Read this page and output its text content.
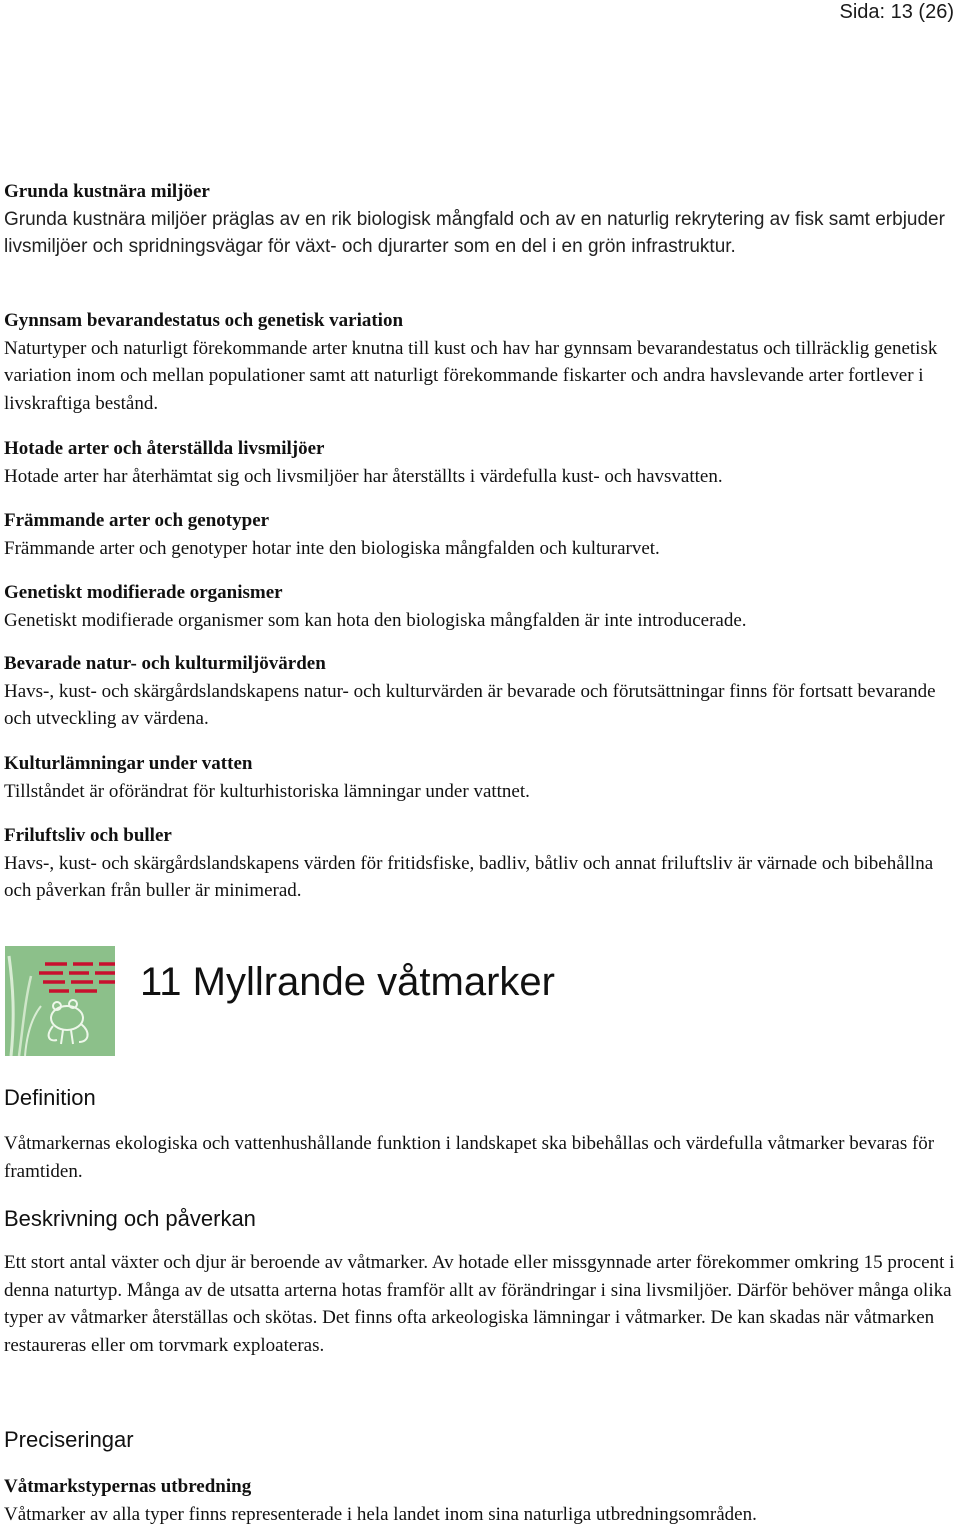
Sida: 13 (26)

Grunda kustnära miljöer

Grunda kustnära miljöer präglas av en rik biologisk mångfald och av en naturlig rekrytering av fisk samt erbjuder livsmiljöer och spridningsvägar för växt- och djurarter som en del i en grön infrastruktur.

Gynnsam bevarandestatus och genetisk variation

Naturtyper och naturligt förekommande arter knutna till kust och hav har gynnsam bevarandestatus och tillräcklig genetisk variation inom och mellan populationer samt att naturligt förekommande fiskarter och andra havslevande arter fortlever i livskraftiga bestånd.

Hotade arter och återställda livsmiljöer

Hotade arter har återhämtat sig och livsmiljöer har återställts i värdefulla kust- och havsvatten.

Främmande arter och genotyper

Främmande arter och genotyper hotar inte den biologiska mångfalden och kulturarvet.

Genetiskt modifierade organismer

Genetiskt modifierade organismer som kan hota den biologiska mångfalden är inte introducerade.

Bevarade natur- och kulturmiljövärden

Havs-, kust- och skärgårdslandskapens natur- och kulturvärden är bevarade och förutsättningar finns för fortsatt bevarande och utveckling av värdena.

Kulturlämningar under vatten

Tillståndet är oförändrat för kulturhistoriska lämningar under vattnet.

Friluftsliv och buller

Havs-, kust- och skärgårdslandskapens värden för fritidsfiske, badliv, båtliv och annat friluftsliv är värnade och bibehållna och påverkan från buller är minimerad.

11 Myllrande våtmarker
Definition

Våtmarkernas ekologiska och vattenhushållande funktion i landskapet ska bibehållas och värdefulla våtmarker bevaras för framtiden.

Beskrivning och påverkan

Ett stort antal växter och djur är beroende av våtmarker. Av hotade eller missgynnade arter förekommer omkring 15 procent i denna naturtyp. Många av de utsatta arterna hotas framför allt av förändringar i sina livsmiljöer. Därför behöver många olika typer av våtmarker återställas och skötas. Det finns ofta arkeologiska lämningar i våtmarker. De kan skadas när våtmarken restaureras eller om torvmark exploateras.

Preciseringar

Våtmarkstypernas utbredning

Våtmarker av alla typer finns representerade i hela landet inom sina naturliga utbredningsområden.
